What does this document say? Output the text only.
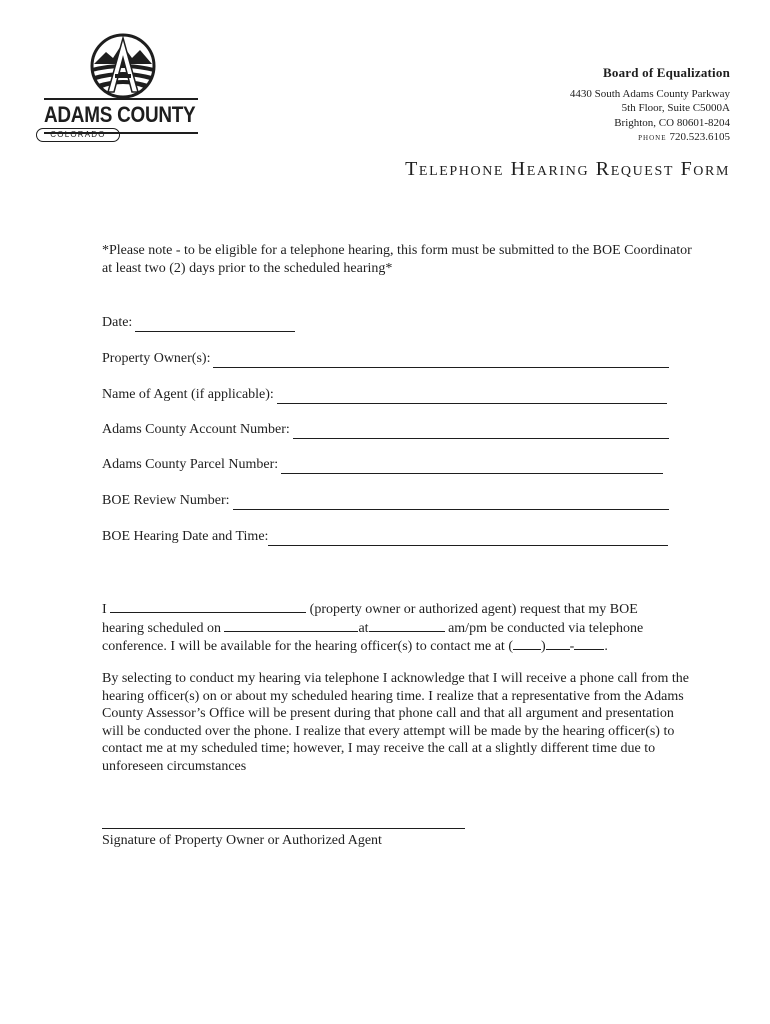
ADAMS COUNTY
COLORADO
Board of Equalization
4430 South Adams County Parkway
5th Floor, Suite C5000A
Brighton, CO 80601-8204
PHONE 720.523.6105
Telephone Hearing Request Form
*Please note - to be eligible for a telephone hearing, this form must be submitted to the BOE Coordinator at least two (2) days prior to the scheduled hearing*
Date:
Property Owner(s):
Name of Agent (if applicable):
Adams County Account Number:
Adams County Parcel Number:
BOE Review Number:
BOE Hearing Date and Time:
I	(property owner or authorized agent) request that my BOE hearing scheduled on	at	am/pm be conducted via telephone conference. I will be available for the hearing officer(s) to contact me at ( ) - .
By selecting to conduct my hearing via telephone I acknowledge that I will receive a phone call from the hearing officer(s) on or about my scheduled hearing time. I realize that a representative from the Adams County Assessor’s Office will be present during that phone call and that all argument and presentation will be conducted over the phone. I realize that every attempt will be made by the hearing officer(s) to contact me at my scheduled time; however, I may receive the call at a slightly different time due to unforeseen circumstances
Signature of Property Owner or Authorized Agent
